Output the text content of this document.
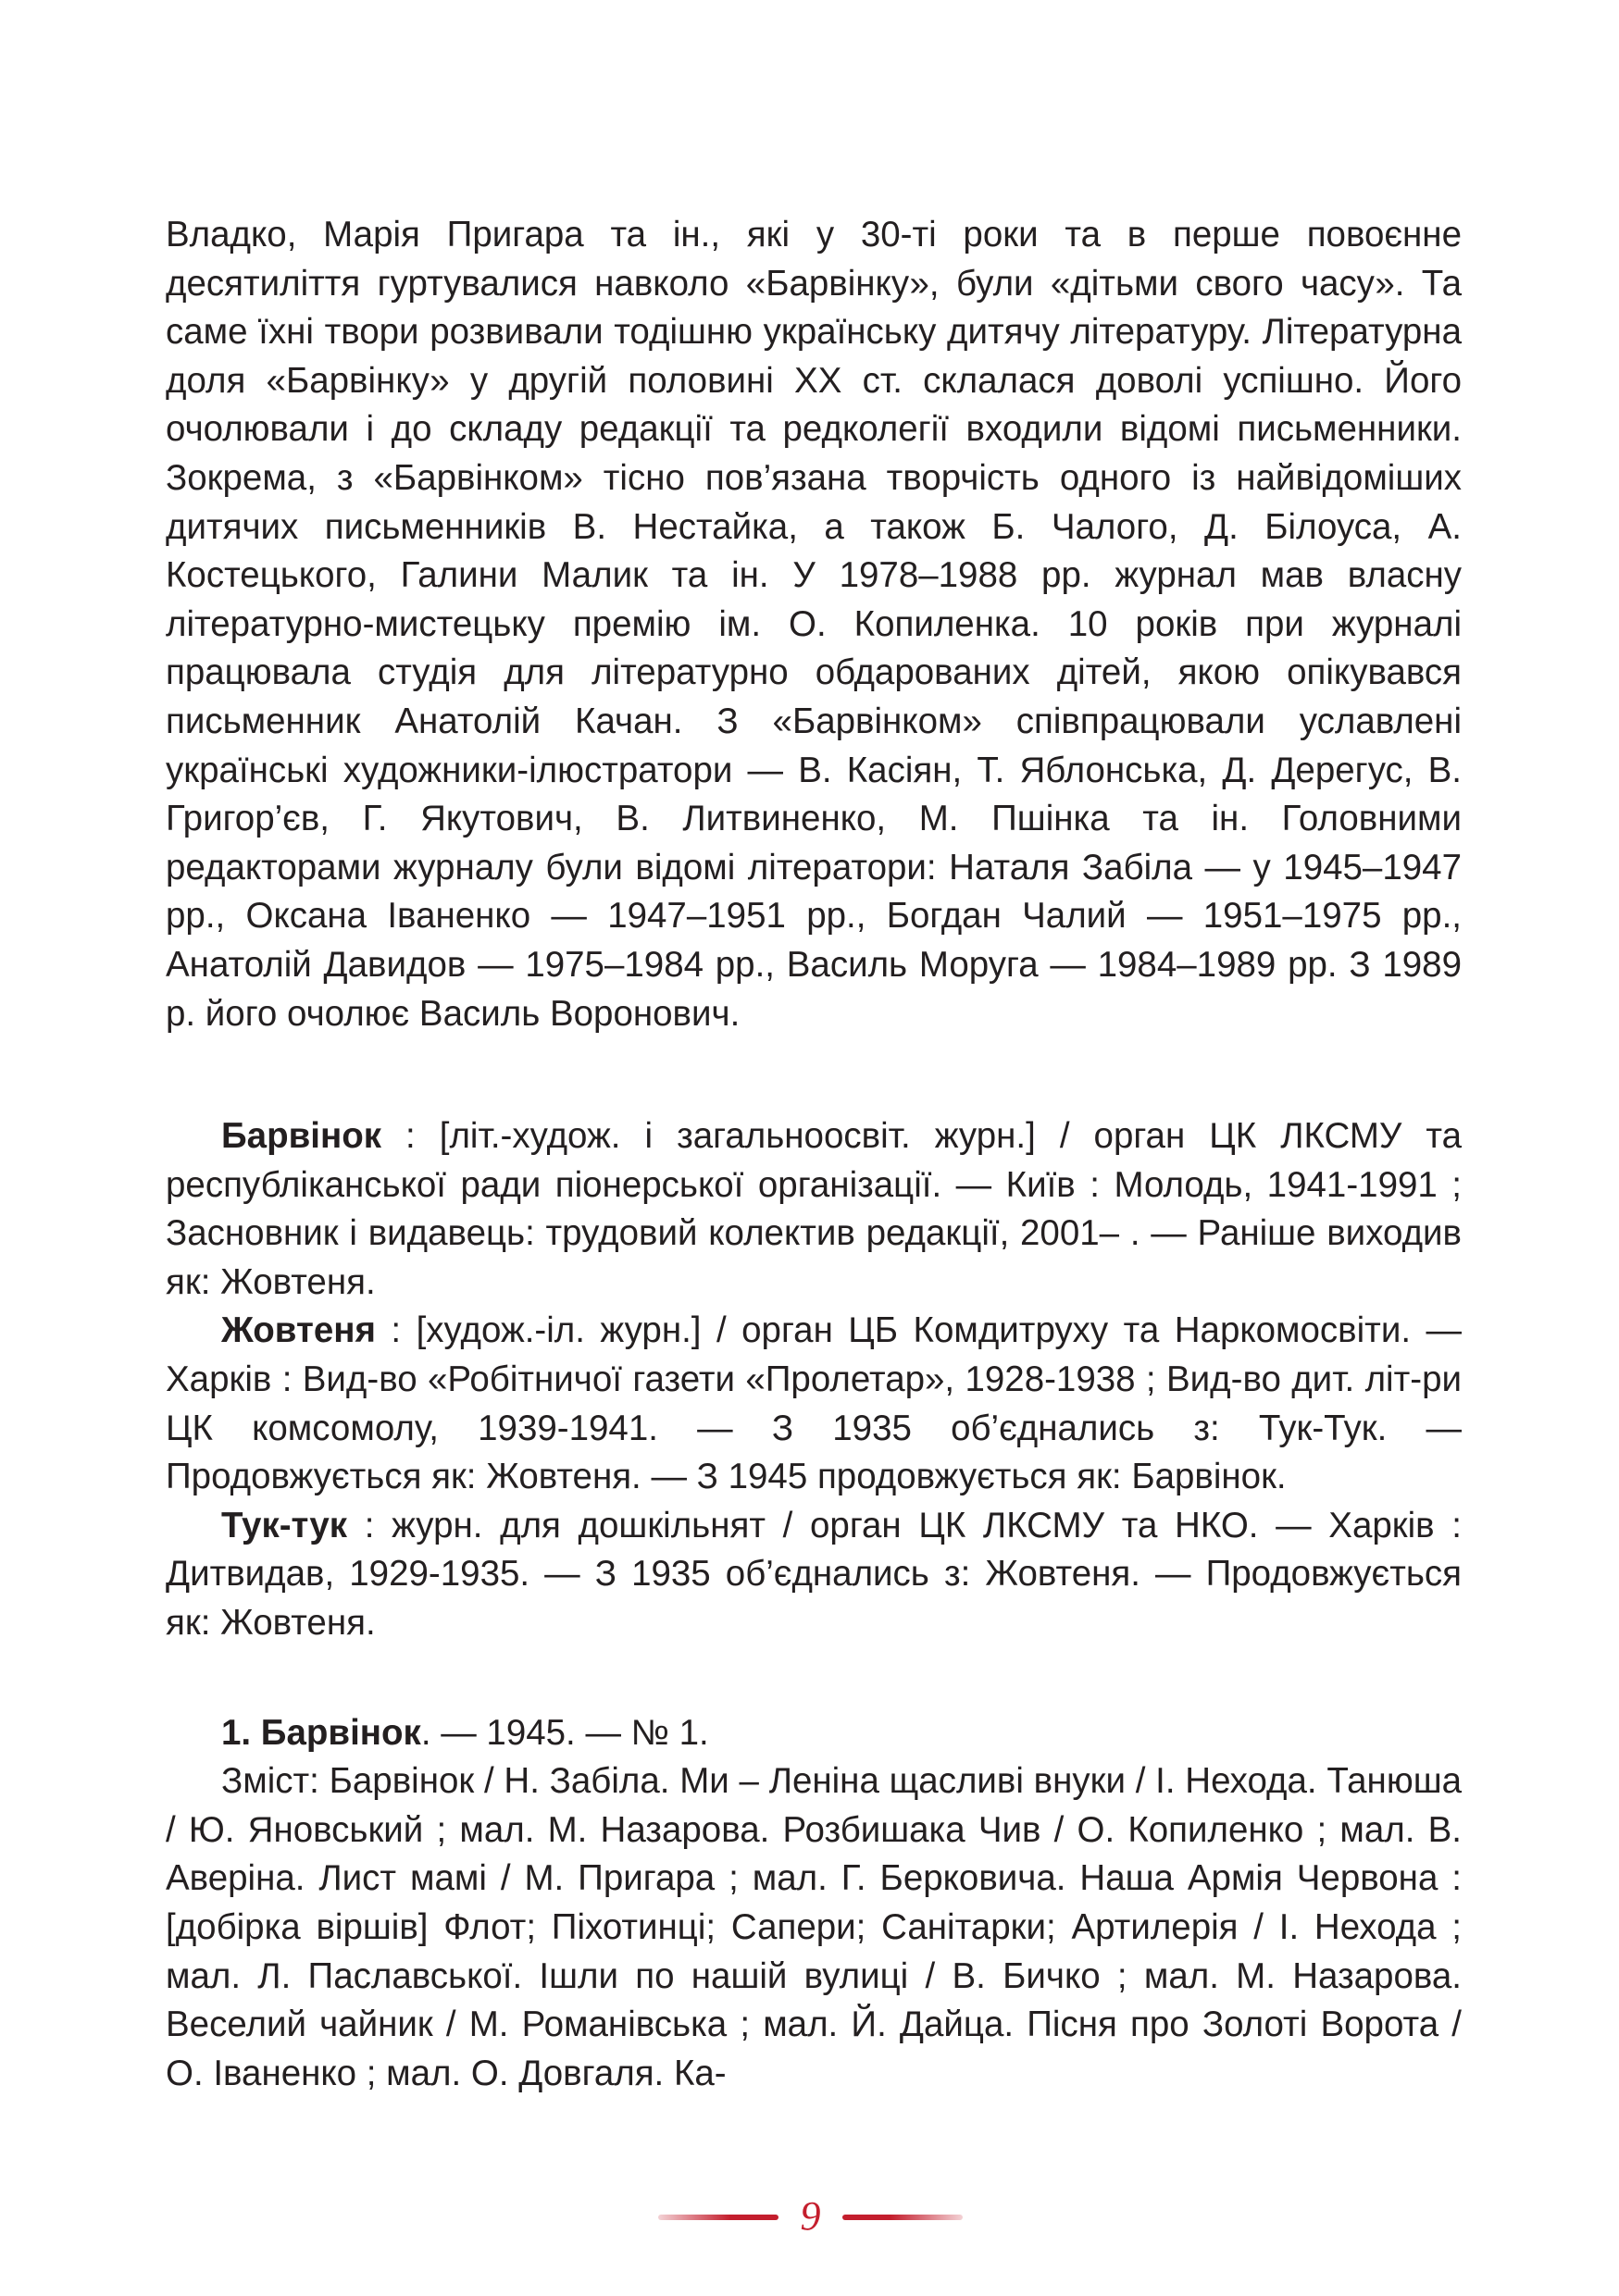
Владко, Марія Пригара та ін., які у 30-ті роки та в перше повоєнне десятиліття гуртувалися навколо «Барвінку», були «дітьми свого часу». Та саме їхні твори розвивали тодішню українську дитячу літературу. Літературна доля «Барвінку» у другій половині ХХ ст. склалася доволі успішно. Його очолювали і до складу редакції та редколегії входили відомі письменники. Зокрема, з «Барвінком» тісно пов’язана творчість одного із найвідоміших дитячих письменників В. Нестайка, а також Б. Чалого, Д. Білоуса, А. Костецького, Галини Малик та ін. У 1978–1988 рр. журнал мав власну літературно-мистецьку премію ім. О. Копиленка. 10 років при журналі працювала студія для літературно обдарованих дітей, якою опікувався письменник Анатолій Качан. З «Барвінком» співпрацювали уславлені українські художники-ілюстратори — В. Касіян, Т. Яблонська, Д. Дерегус, В. Григор’єв, Г. Якутович, В. Литвиненко, М. Пшінка та ін. Головними редакторами журналу були відомі літератори: Наталя Забіла — у 1945–1947 рр., Оксана Іваненко — 1947–1951 рр., Богдан Чалий — 1951–1975 рр., Анатолій Давидов — 1975–1984 рр., Василь Моруга — 1984–1989 рр. З 1989 р. його очолює Василь Воронович.

Барвінок : [літ.-худож. і загальноосвіт. журн.] / орган ЦК ЛКСМУ та республіканської ради піонерської організації. — Київ : Молодь, 1941-1991 ; Засновник і видавець: трудовий колектив редакції, 2001– . — Раніше виходив як: Жовтеня.

Жовтеня : [худож.-іл. журн.] / орган ЦБ Комдитруху та Наркомосвіти. — Харків : Вид-во «Робітничої газети «Пролетар», 1928-1938 ; Вид-во дит. літ-ри ЦК комсомолу, 1939-1941. — З 1935 об’єднались з: Тук-Тук. — Продовжується як: Жовтеня. — З 1945 продовжується як: Барвінок.

Тук-тук : журн. для дошкільнят / орган ЦК ЛКСМУ та НКО. — Харків : Дитвидав, 1929-1935. — З 1935 об’єднались з: Жовтеня. — Продовжується як: Жовтеня.

1. Барвінок. — 1945. — № 1.

Зміст: Барвінок / Н. Забіла. Ми – Леніна щасливі внуки / І. Нехода. Танюша / Ю. Яновський ; мал. М. Назарова. Розбишака Чив / О. Копиленко ; мал. В. Аверіна. Лист мамі / М. Пригара ; мал. Г. Берковича. Наша Армія Червона : [добірка віршів] Флот; Піхотинці; Сапери; Санітарки; Артилерія / І. Нехода ; мал. Л. Паславської. Ішли по нашій вулиці / В. Бичко ; мал. М. Назарова. Веселий чайник / М. Романівська ; мал. Й. Дайца. Пісня про Золоті Ворота / О. Іваненко ; мал. О. Довгаля. Ка-

9
